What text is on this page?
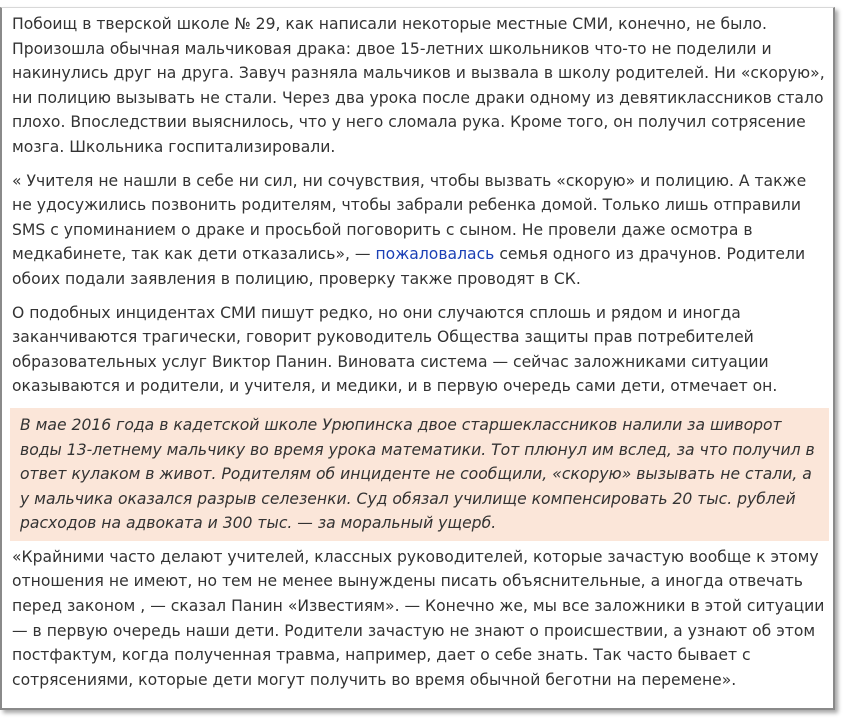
Побоищ в тверской школе № 29, как написали некоторые местные СМИ, конечно, не было.
Произошла обычная мальчиковая драка: двое 15-летних школьников что-то не поделили и
накинулись друг на друга. Завуч разняла мальчиков и вызвала в школу родителей. Ни «скорую»,
ни полицию вызывать не стали. Через два урока после драки одному из девятиклассников стало
плохо. Впоследствии выяснилось, что у него сломала рука. Кроме того, он получил сотрясение
мозга. Школьника госпитализировали.

« Учителя не нашли в себе ни сил, ни сочувствия, чтобы вызвать «скорую» и полицию. А также
не удосужились позвонить родителям, чтобы забрали ребенка домой. Только лишь отправили
SMS с упоминанием о драке и просьбой поговорить с сыном. Не провели даже осмотра в
медкабинете, так как дети отказались», — пожаловалась семья одного из драчунов. Родители
обоих подали заявления в полицию, проверку также проводят в СК.

О подобных инцидентах СМИ пишут редко, но они случаются сплошь и рядом и иногда
заканчиваются трагически, говорит руководитель Общества защиты прав потребителей
образовательных услуг Виктор Панин. Виновата система — сейчас заложниками ситуации
оказываются и родители, и учителя, и медики, и в первую очередь сами дети, отмечает он.

В мае 2016 года в кадетской школе Урюпинска двое старшеклассников налили за шиворот
воды 13-летнему мальчику во время урока математики. Тот плюнул им вслед, за что получил в
ответ кулаком в живот. Родителям об инциденте не сообщили, «скорую» вызывать не стали, а
у мальчика оказался разрыв селезенки. Суд обязал училище компенсировать 20 тыс. рублей
расходов на адвоката и 300 тыс. — за моральный ущерб.

«Крайними часто делают учителей, классных руководителей, которые зачастую вообще к этому
отношения не имеют, но тем не менее вынуждены писать объяснительные, а иногда отвечать
перед законом , — сказал Панин «Известиям». — Конечно же, мы все заложники в этой ситуации
— в первую очередь наши дети. Родители зачастую не знают о происшествии, а узнают об этом
постфактум, когда полученная травма, например, дает о себе знать. Так часто бывает с
сотрясениями, которые дети могут получить во время обычной беготни на перемене».
